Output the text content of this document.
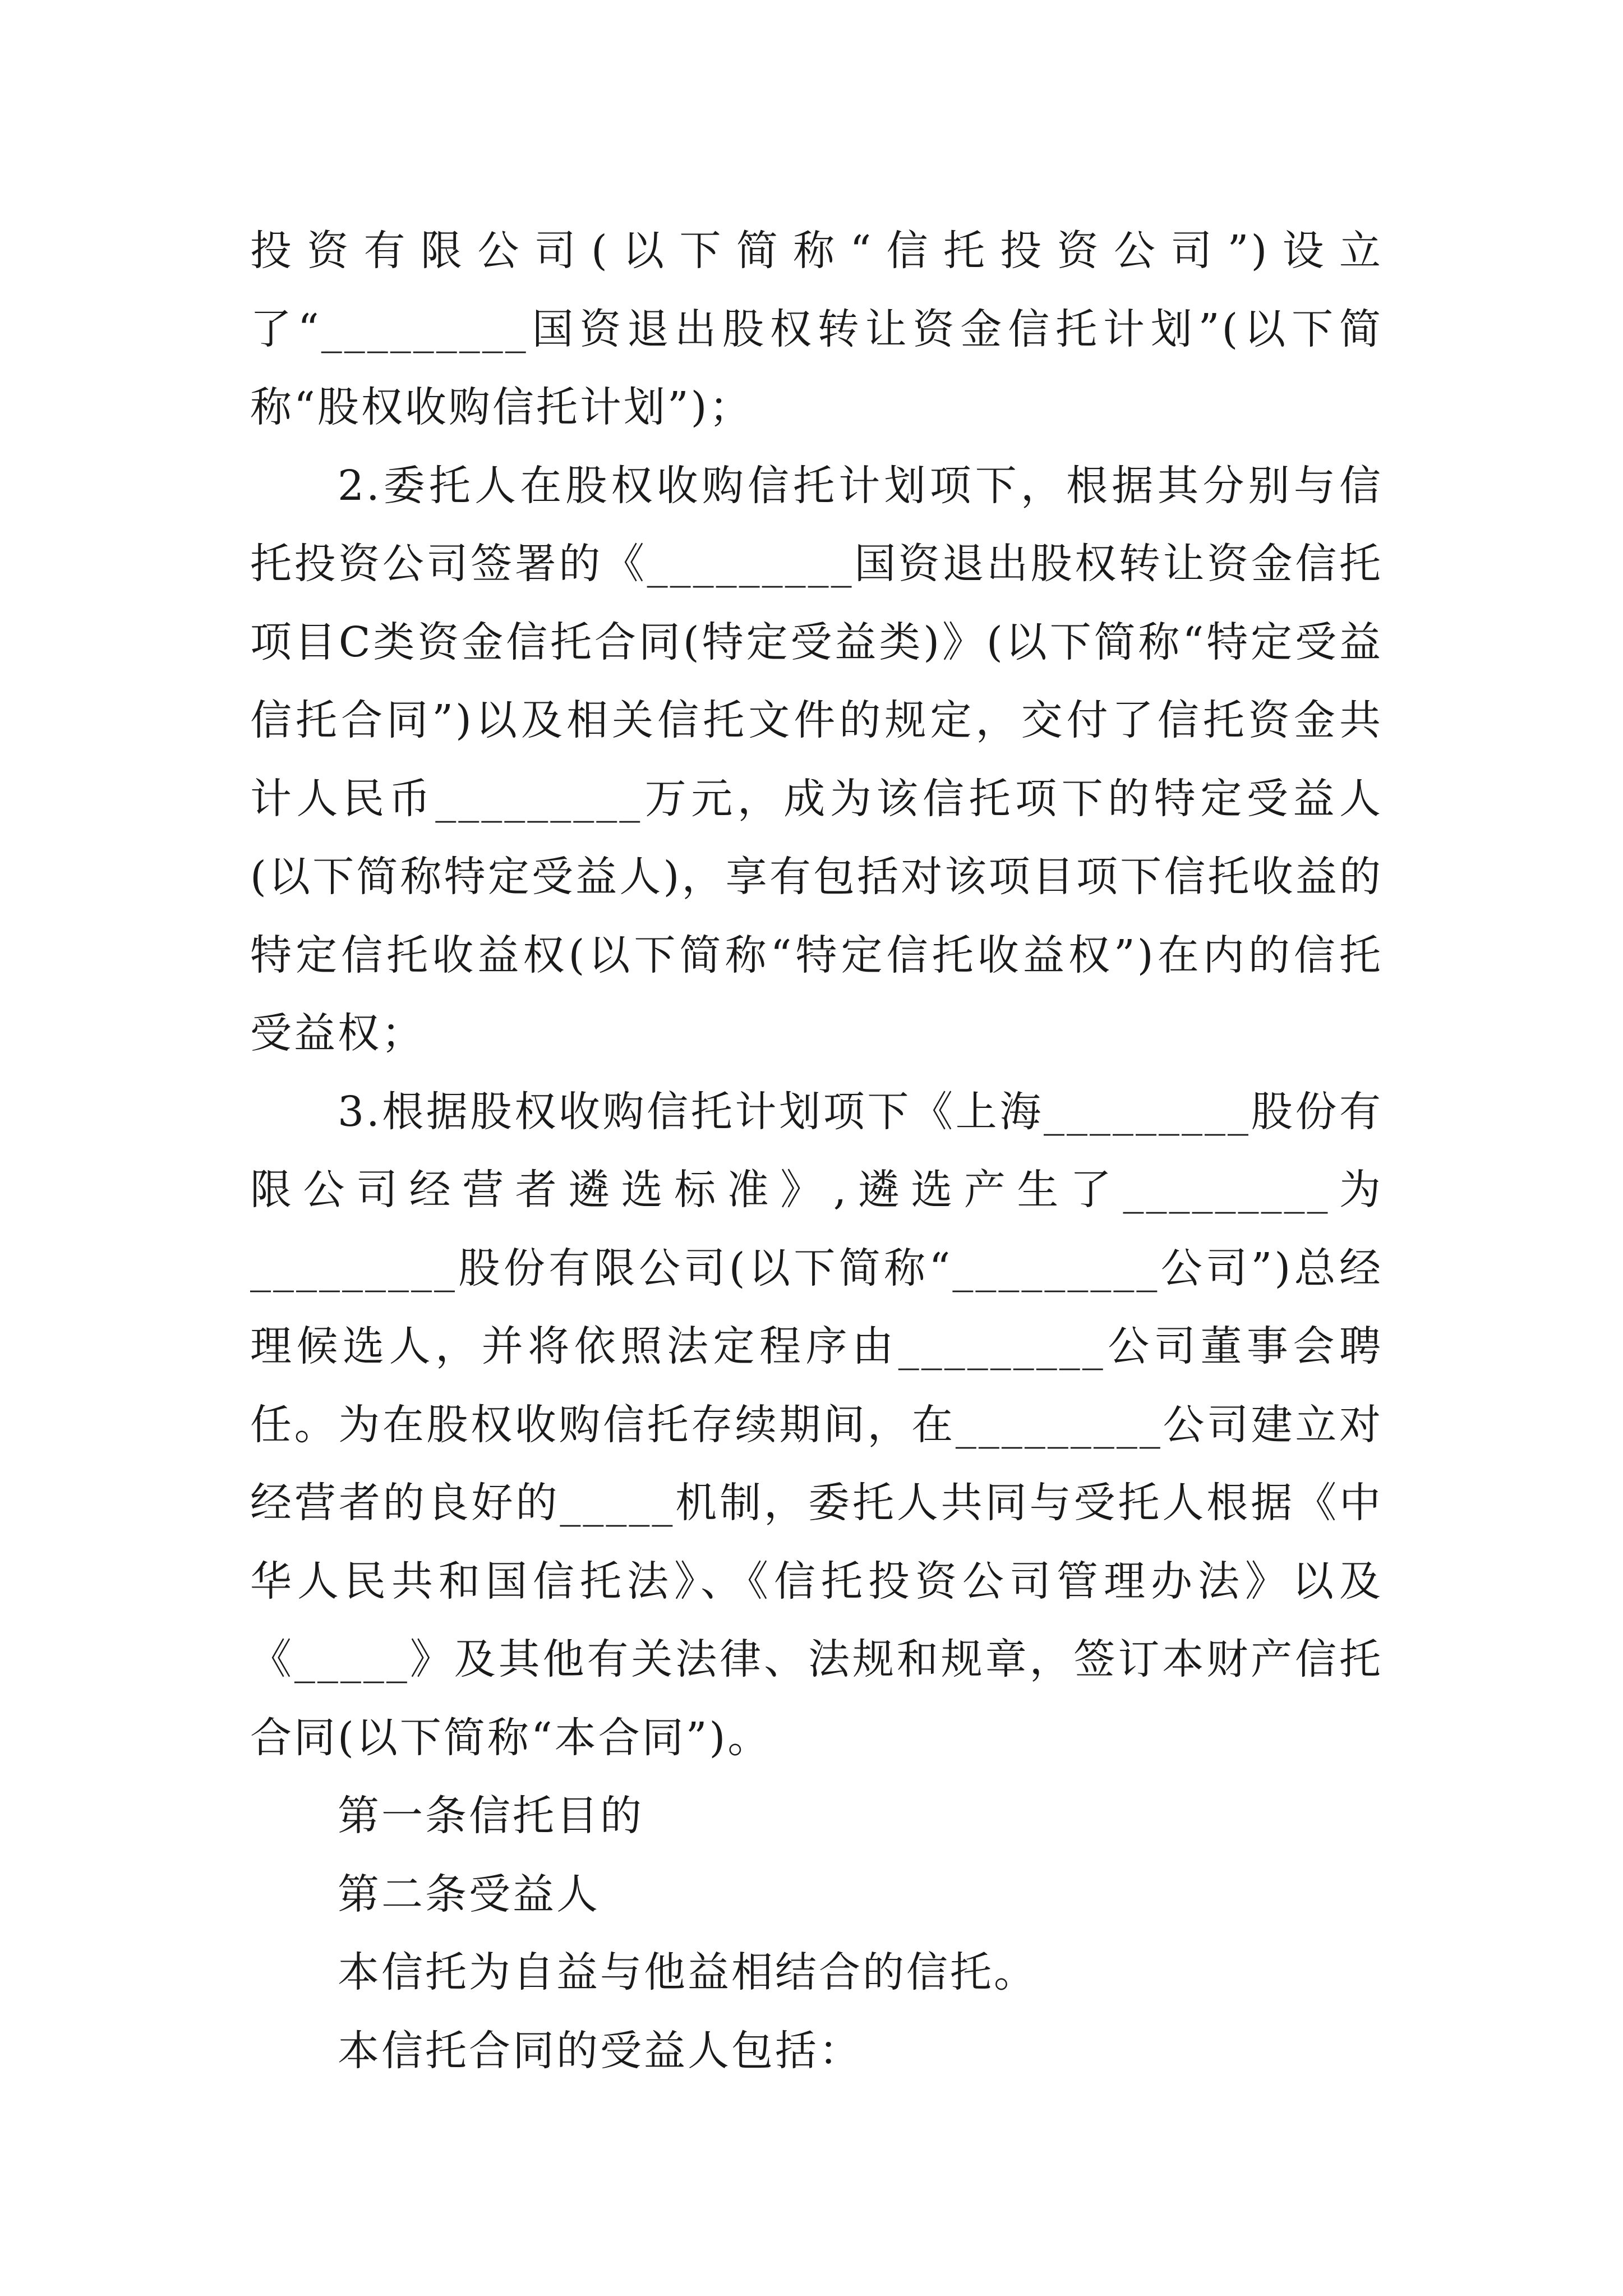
投资有限公司(以下简称“信托投资公司”)设立了“_________国资退出股权转让资金信托计划”(以下简称“股权收购信托计划”)；

2.委托人在股权收购信托计划项下，根据其分别与信托投资公司签署的《_________国资退出股权转让资金信托项目C类资金信托合同(特定受益类)》(以下简称“特定受益信托合同”)以及相关信托文件的规定，交付了信托资金共计人民币_________万元，成为该信托项下的特定受益人(以下简称特定受益人)，享有包括对该项目项下信托收益的特定信托收益权(以下简称“特定信托收益权”)在内的信托受益权；

3.根据股权收购信托计划项下《上海_________股份有限公司经营者遴选标准》,遴选产生了_________为_________股份有限公司(以下简称“_________公司”)总经理候选人，并将依照法定程序由_________公司董事会聘任。为在股权收购信托存续期间，在_________公司建立对经营者的良好的_____机制，委托人共同与受托人根据《中华人民共和国信托法》、《信托投资公司管理办法》以及《_____》及其他有关法律、法规和规章，签订本财产信托合同(以下简称“本合同”)。

第一条信托目的

第二条受益人

本信托为自益与他益相结合的信托。

本信托合同的受益人包括：
